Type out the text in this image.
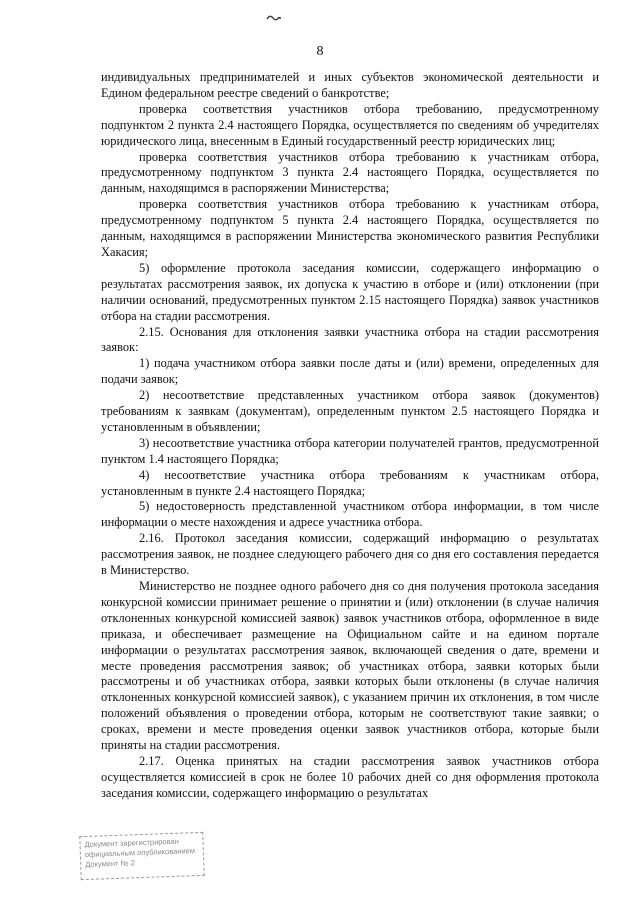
8

индивидуальных предпринимателей и иных субъектов экономической деятельности и Едином федеральном реестре сведений о банкротстве;

проверка соответствия участников отбора требованию, предусмотренному подпунктом 2 пункта 2.4 настоящего Порядка, осуществляется по сведениям об учредителях юридического лица, внесенным в Единый государственный реестр юридических лиц;

проверка соответствия участников отбора требованию к участникам отбора, предусмотренному подпунктом 3 пункта 2.4 настоящего Порядка, осуществляется по данным, находящимся в распоряжении Министерства;

проверка соответствия участников отбора требованию к участникам отбора, предусмотренному подпунктом 5 пункта 2.4 настоящего Порядка, осуществляется по данным, находящимся в распоряжении Министерства экономического развития Республики Хакасия;

5) оформление протокола заседания комиссии, содержащего информацию о результатах рассмотрения заявок, их допуска к участию в отборе и (или) отклонении (при наличии оснований, предусмотренных пунктом 2.15 настоящего Порядка) заявок участников отбора на стадии рассмотрения.

2.15. Основания для отклонения заявки участника отбора на стадии рассмотрения заявок:

1) подача участником отбора заявки после даты и (или) времени, определенных для подачи заявок;

2) несоответствие представленных участником отбора заявок (документов) требованиям к заявкам (документам), определенным пунктом 2.5 настоящего Порядка и установленным в объявлении;

3) несоответствие участника отбора категории получателей грантов, предусмотренной пунктом 1.4 настоящего Порядка;

4) несоответствие участника отбора требованиям к участникам отбора, установленным в пункте 2.4 настоящего Порядка;

5) недостоверность представленной участником отбора информации, в том числе информации о месте нахождения и адресе участника отбора.

2.16. Протокол заседания комиссии, содержащий информацию о результатах рассмотрения заявок, не позднее следующего рабочего дня со дня его составления передается в Министерство.

Министерство не позднее одного рабочего дня со дня получения протокола заседания конкурсной комиссии принимает решение о принятии и (или) отклонении (в случае наличия отклоненных конкурсной комиссией заявок) заявок участников отбора, оформленное в виде приказа, и обеспечивает размещение на Официальном сайте и на едином портале информации о результатах рассмотрения заявок, включающей сведения о дате, времени и месте проведения рассмотрения заявок; об участниках отбора, заявки которых были рассмотрены и об участниках отбора, заявки которых были отклонены (в случае наличия отклоненных конкурсной комиссией заявок), с указанием причин их отклонения, в том числе положений объявления о проведении отбора, которым не соответствуют такие заявки; о сроках, времени и месте проведения оценки заявок участников отбора, которые были приняты на стадии рассмотрения.

2.17. Оценка принятых на стадии рассмотрения заявок участников отбора осуществляется комиссией в срок не более 10 рабочих дней со дня оформления протокола заседания комиссии, содержащего информацию о результатах

Документ зарегистрирован
официальным опубликованием
Документ № 2
